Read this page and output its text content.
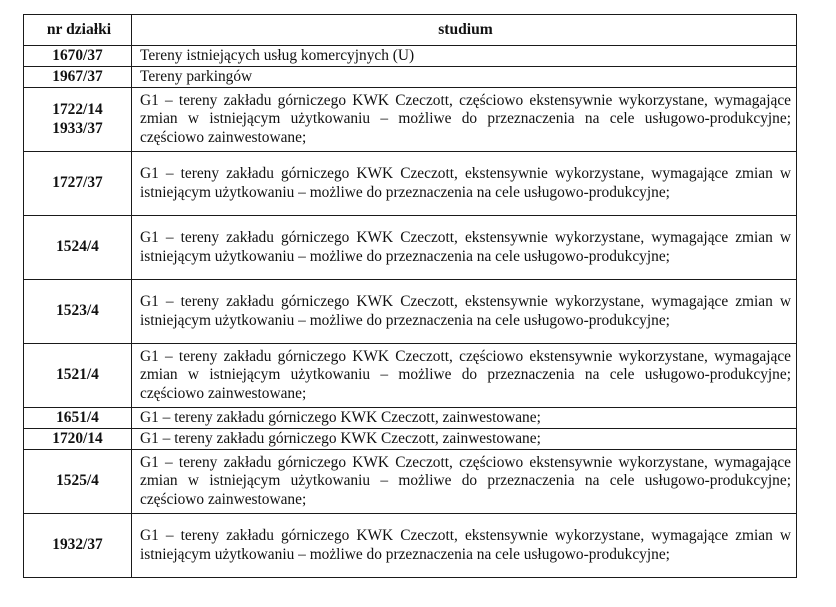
nr działki	studium

1670/37	Tereny istniejących usług komercyjnych (U)

1967/37	Tereny parkingów

1722/14
1933/37	G1 – tereny zakładu górniczego KWK Czeczott, częściowo ekstensywnie wykorzystane, wymagające zmian w istniejącym użytkowaniu – możliwe do przeznaczenia na cele usługowo-produkcyjne; częściowo zainwestowane;

1727/37	G1 – tereny zakładu górniczego KWK Czeczott, ekstensywnie wykorzystane, wymagające zmian w istniejącym użytkowaniu – możliwe do przeznaczenia na cele usługowo-produkcyjne;

1524/4	G1 – tereny zakładu górniczego KWK Czeczott, ekstensywnie wykorzystane, wymagające zmian w istniejącym użytkowaniu – możliwe do przeznaczenia na cele usługowo-produkcyjne;

1523/4	G1 – tereny zakładu górniczego KWK Czeczott, ekstensywnie wykorzystane, wymagające zmian w istniejącym użytkowaniu – możliwe do przeznaczenia na cele usługowo-produkcyjne;

1521/4	G1 – tereny zakładu górniczego KWK Czeczott, częściowo ekstensywnie wykorzystane, wymagające zmian w istniejącym użytkowaniu – możliwe do przeznaczenia na cele usługowo-produkcyjne; częściowo zainwestowane;

1651/4	G1 – tereny zakładu górniczego KWK Czeczott, zainwestowane;

1720/14	G1 – tereny zakładu górniczego KWK Czeczott, zainwestowane;

1525/4	G1 – tereny zakładu górniczego KWK Czeczott, częściowo ekstensywnie wykorzystane, wymagające zmian w istniejącym użytkowaniu – możliwe do przeznaczenia na cele usługowo-produkcyjne; częściowo zainwestowane;

1932/37	G1 – tereny zakładu górniczego KWK Czeczott, ekstensywnie wykorzystane, wymagające zmian w istniejącym użytkowaniu – możliwe do przeznaczenia na cele usługowo-produkcyjne;
